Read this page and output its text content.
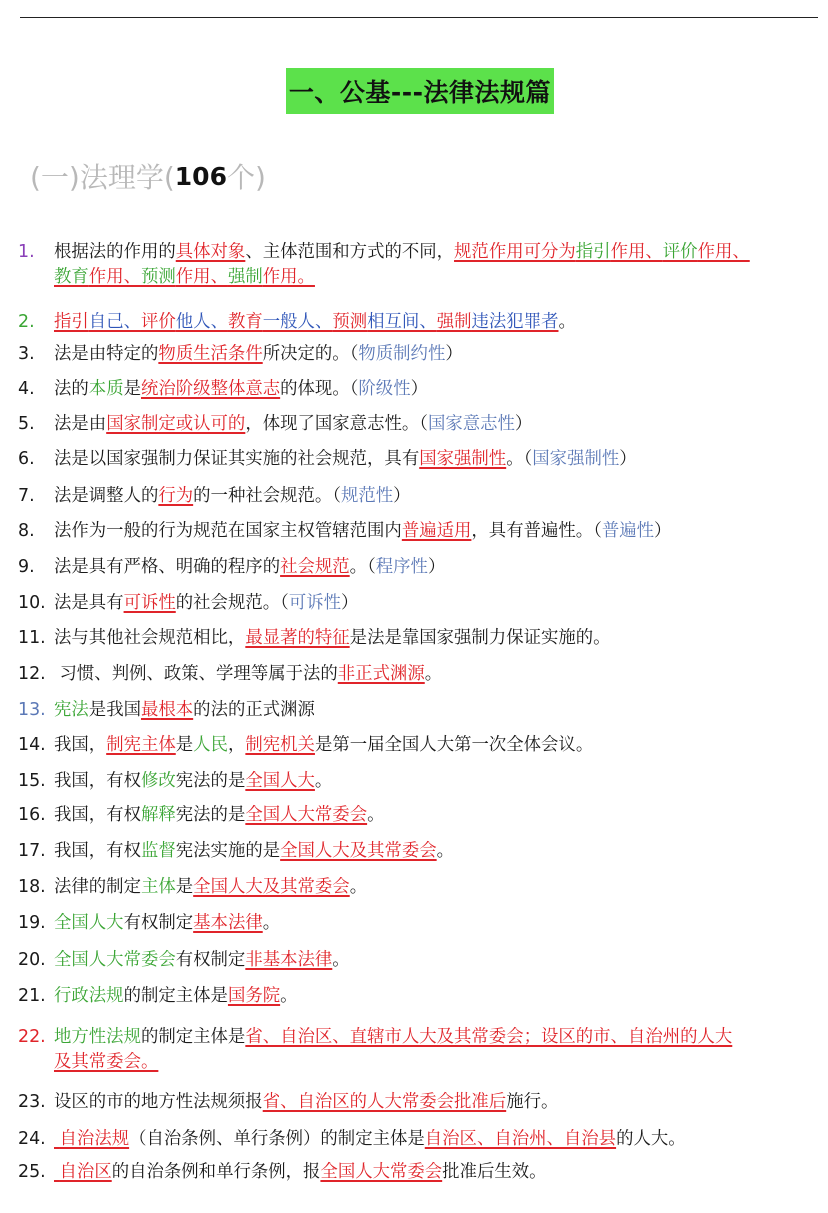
一、公基---法律法规篇
(一)法理学( 106 个)
1. 根据法的作用的具体对象、主体范围和方式的不同，规范作用可分为指引作用、评价作用、
教育作用、预测作用、强制作用。
2. 指引自己、评价他人、教育一般人、预测相互间、强制违法犯罪者。
3. 法是由特定的物质生活条件所决定的。（物质制约性）
4. 法的本质是统治阶级整体意志的体现。（阶级性）
5. 法是由国家制定或认可的，体现了国家意志性。（国家意志性）
6. 法是以国家强制力保证其实施的社会规范，具有国家强制性。（国家强制性）
7. 法是调整人的行为的一种社会规范。（规范性）
8. 法作为一般的行为规范在国家主权管辖范围内普遍适用，具有普遍性。（普遍性）
9. 法是具有严格、明确的程序的社会规范。（程序性）
10. 法是具有可诉性的社会规范。（可诉性）
11. 法与其他社会规范相比，最显著的特征是法是靠国家强制力保证实施的。
12. 习惯、判例、政策、学理等属于法的非正式渊源。
13. 宪法是我国最根本的法的正式渊源
14. 我国，制宪主体是人民，制宪机关是第一届全国人大第一次全体会议。
15. 我国，有权修改宪法的是全国人大。
16. 我国，有权解释宪法的是全国人大常委会。
17. 我国，有权监督宪法实施的是全国人大及其常委会。
18. 法律的制定主体是全国人大及其常委会。
19. 全国人大有权制定基本法律。
20. 全国人大常委会有权制定非基本法律。
21. 行政法规的制定主体是国务院。
22. 地方性法规的制定主体是省、自治区、直辖市人大及其常委会；设区的市、自治州的人大
及其常委会。
23. 设区的市的地方性法规须报省、自治区的人大常委会批准后施行。
24. 自治法规（自治条例、单行条例）的制定主体是自治区、自治州、自治县的人大。
25. 自治区的自治条例和单行条例，报全国人大常委会批准后生效。
